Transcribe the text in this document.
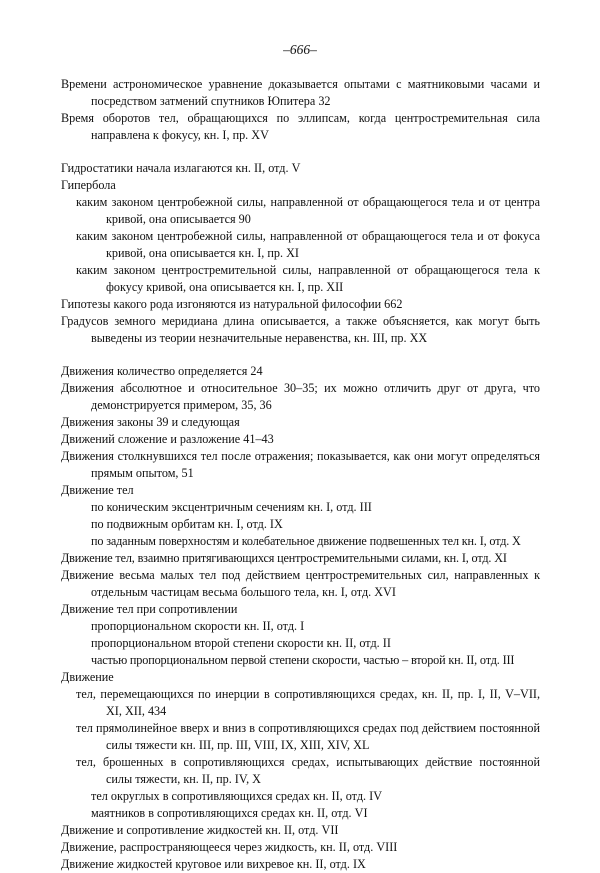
–666–
Времени астрономическое уравнение доказывается опытами с маятниковыми часами и посредством затмений спутников Юпитера 32
Время оборотов тел, обращающихся по эллипсам, когда центростремительная сила направлена к фокусу, кн. I, пр. XV
Гидростатики начала излагаются кн. II, отд. V
Гипербола
каким законом центробежной силы, направленной от обращающегося тела и от центра кривой, она описывается 90
каким законом центробежной силы, направленной от обращающегося тела и от фокуса кривой, она описывается кн. I, пр. XI
каким законом центростремительной силы, направленной от обращающегося тела к фокусу кривой, она описывается кн. I, пр. XII
Гипотезы какого рода изгоняются из натуральной философии 662
Градусов земного меридиана длина описывается, а также объясняется, как могут быть выведены из теории незначительные неравенства, кн. III, пр. XX
Движения количество определяется 24
Движения абсолютное и относительное 30–35; их можно отличить друг от друга, что демонстрируется примером, 35, 36
Движения законы 39 и следующая
Движений сложение и разложение 41–43
Движения столкнувшихся тел после отражения; показывается, как они могут определяться прямым опытом, 51
Движение тел
по коническим эксцентричным сечениям кн. I, отд. III
по подвижным орбитам кн. I, отд. IX
по заданным поверхностям и колебательное движение подвешенных тел кн. I, отд. X
Движение тел, взаимно притягивающихся центростремительными силами, кн. I, отд. XI
Движение весьма малых тел под действием центростремительных сил, направленных к отдельным частицам весьма большого тела, кн. I, отд. XVI
Движение тел при сопротивлении
пропорциональном скорости кн. II, отд. I
пропорциональном второй степени скорости кн. II, отд. II
частью пропорциональном первой степени скорости, частью – второй кн. II, отд. III
Движение
тел, перемещающихся по инерции в сопротивляющихся средах, кн. II, пр. I, II, V–VII, XI, XII, 434
тел прямолинейное вверх и вниз в сопротивляющихся средах под действием постоянной силы тяжести кн. III, пр. III, VIII, IX, XIII, XIV, XL
тел, брошенных в сопротивляющихся средах, испытывающих действие постоянной силы тяжести, кн. II, пр. IV, X
тел округлых в сопротивляющихся средах кн. II, отд. IV
маятников в сопротивляющихся средах кн. II, отд. VI
Движение и сопротивление жидкостей кн. II, отд. VII
Движение, распространяющееся через жидкость, кн. II, отд. VIII
Движение жидкостей круговое или вихревое кн. II, отд. IX
